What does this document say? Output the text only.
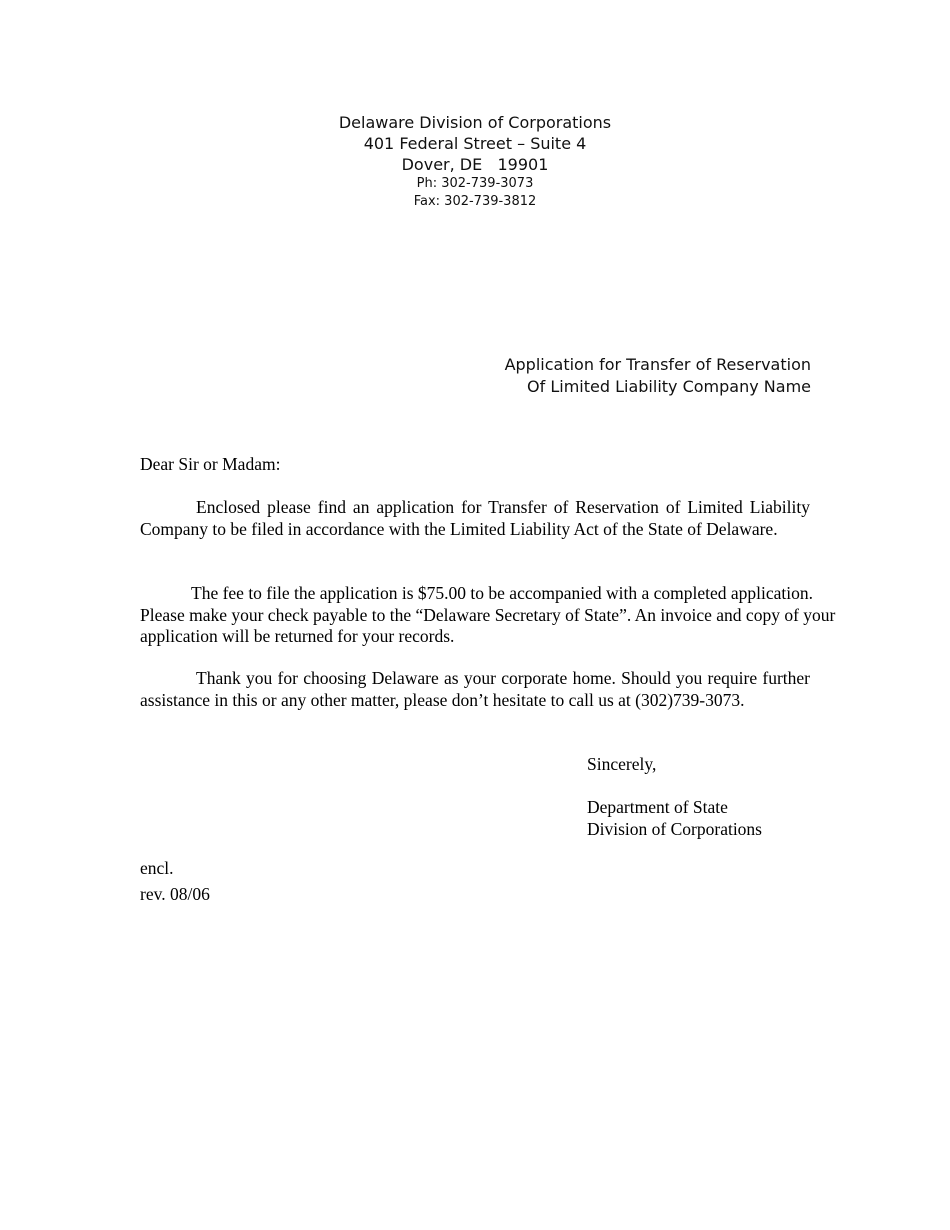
Delaware Division of Corporations
401 Federal Street – Suite 4
Dover, DE   19901
Ph: 302-739-3073
Fax: 302-739-3812
Application for Transfer of Reservation
Of Limited Liability Company Name
Dear Sir or Madam:

Enclosed please find an application for Transfer of Reservation of Limited Liability Company to be filed in accordance with the Limited Liability Act of the State of Delaware.

The fee to file the application is $75.00 to be accompanied with a completed application. Please make your check payable to the “Delaware Secretary of State”. An invoice and copy of your application will be returned for your records.

Thank you for choosing Delaware as your corporate home. Should you require further assistance in this or any other matter, please don’t hesitate to call us at (302)739-3073.

Sincerely,
Department of State
Division of Corporations
encl.
rev. 08/06
